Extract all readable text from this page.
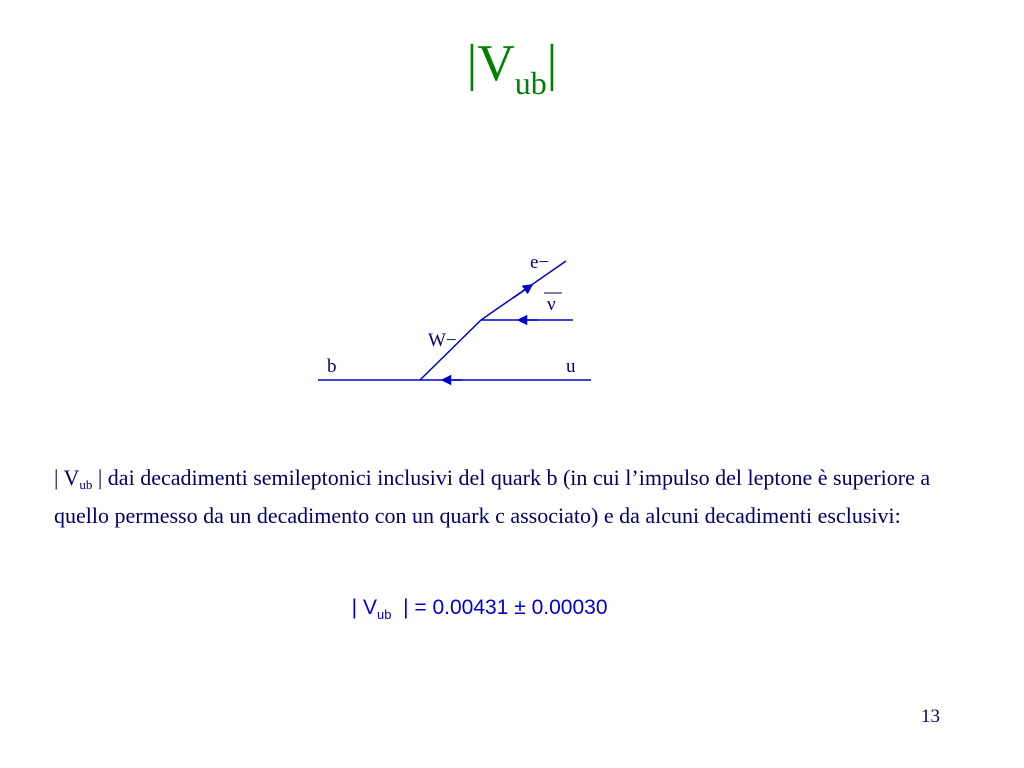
$|V_{ub}|$
e−
ν
W−
b	u
| $V_{ub}$ | dai decadimenti semileptonici inclusivi del quark b (in cui l’impulso del leptone è superiore a quello permesso da un decadimento con un quark c associato) e da alcuni decadimenti esclusivi:

| $V_{ub}$  | = 0.00431 ± 0.00030

13
